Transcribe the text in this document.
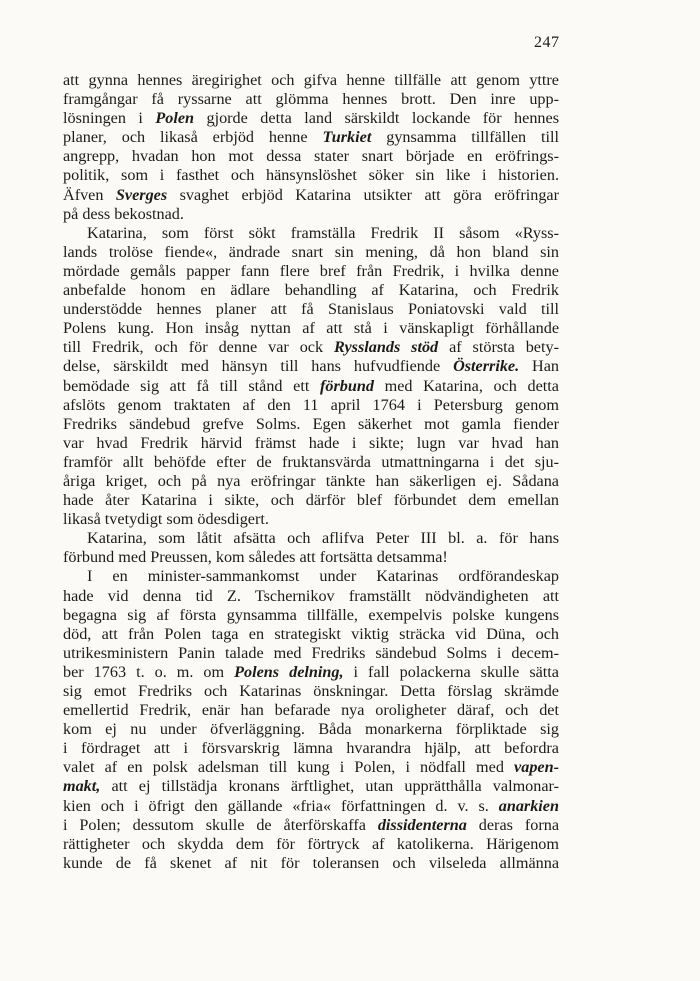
247
att gynna hennes äregirighet och gifva henne tillfälle att genom yttre
framgångar få ryssarne att glömma hennes brott. Den inre upp-
lösningen i Polen gjorde detta land särskildt lockande för hennes
planer, och likaså erbjöd henne Turkiet gynsamma tillfällen till
angrepp, hvadan hon mot dessa stater snart började en eröfrings-
politik, som i fasthet och hänsynslöshet söker sin like i historien.
Äfven Sverges svaghet erbjöd Katarina utsikter att göra eröfringar
på dess bekostnad.
Katarina, som först sökt framställa Fredrik II såsom «Ryss-
lands trolöse fiende«, ändrade snart sin mening, då hon bland sin
mördade gemåls papper fann flere bref från Fredrik, i hvilka denne
anbefalde honom en ädlare behandling af Katarina, och Fredrik
understödde hennes planer att få Stanislaus Poniatovski vald till
Polens kung. Hon insåg nyttan af att stå i vänskapligt förhållande
till Fredrik, och för denne var ock Rysslands stöd af största bety-
delse, särskildt med hänsyn till hans hufvudfiende Österrike. Han
bemödade sig att få till stånd ett förbund med Katarina, och detta
afslöts genom traktaten af den 11 april 1764 i Petersburg genom
Fredriks sändebud grefve Solms. Egen säkerhet mot gamla fiender
var hvad Fredrik härvid främst hade i sikte; lugn var hvad han
framför allt behöfde efter de fruktansvärda utmattningarna i det sju-
åriga kriget, och på nya eröfringar tänkte han säkerligen ej. Sådana
hade åter Katarina i sikte, och därför blef förbundet dem emellan
likaså tvetydigt som ödesdigert.
Katarina, som låtit afsätta och aflifva Peter III bl. a. för hans
förbund med Preussen, kom således att fortsätta detsamma!
I en minister-sammankomst under Katarinas ordförandeskap
hade vid denna tid Z. Tschernikov framställt nödvändigheten att
begagna sig af första gynsamma tillfälle, exempelvis polske kungens
död, att från Polen taga en strategiskt viktig sträcka vid Düna, och
utrikesministern Panin talade med Fredriks sändebud Solms i decem-
ber 1763 t. o. m. om Polens delning, i fall polackerna skulle sätta
sig emot Fredriks och Katarinas önskningar. Detta förslag skrämde
emellertid Fredrik, enär han befarade nya oroligheter däraf, och det
kom ej nu under öfverläggning. Båda monarkerna förpliktade sig
i fördraget att i försvarskrig lämna hvarandra hjälp, att befordra
valet af en polsk adelsman till kung i Polen, i nödfall med vapen-
makt, att ej tillstädja kronans ärftlighet, utan upprätthålla valmonar-
kien och i öfrigt den gällande «fria« författningen d. v. s. anarkien
i Polen; dessutom skulle de återförskaffa dissidenterna deras forna
rättigheter och skydda dem för förtryck af katolikerna. Härigenom
kunde de få skenet af nit för toleransen och vilseleda allmänna
